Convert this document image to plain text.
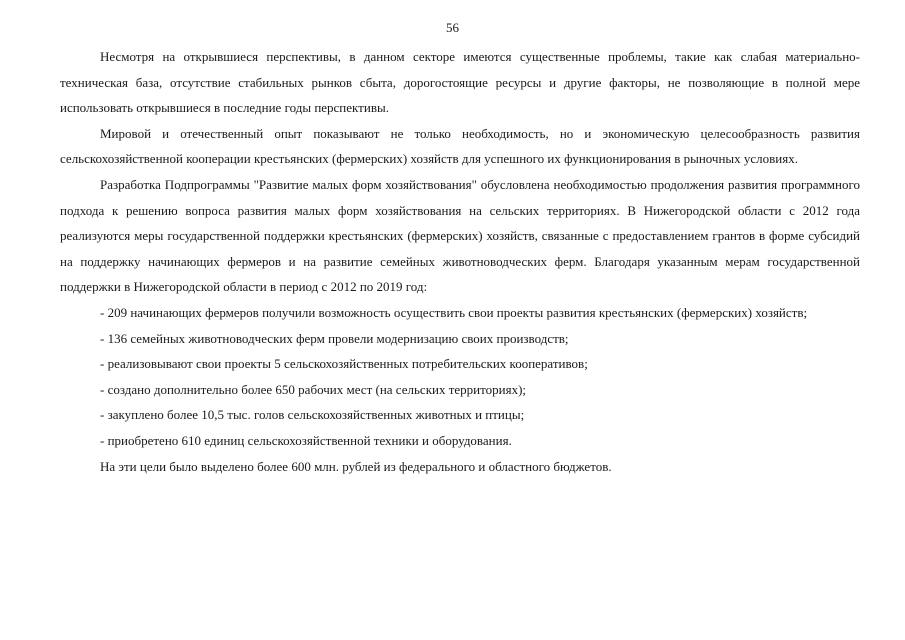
56

Несмотря на открывшиеся перспективы, в данном секторе имеются существенные проблемы, такие как слабая материально-техническая база, отсутствие стабильных рынков сбыта, дорогостоящие ресурсы и другие факторы, не позволяющие в полной мере использовать открывшиеся в последние годы перспективы.

Мировой и отечественный опыт показывают не только необходимость, но и экономическую целесообразность развития сельскохозяйственной кооперации крестьянских (фермерских) хозяйств для успешного их функционирования в рыночных условиях.

Разработка Подпрограммы "Развитие малых форм хозяйствования" обусловлена необходимостью продолжения развития программного подхода к решению вопроса развития малых форм хозяйствования на сельских территориях. В Нижегородской области с 2012 года реализуются меры государственной поддержки крестьянских (фермерских) хозяйств, связанные с предоставлением грантов в форме субсидий на поддержку начинающих фермеров и на развитие семейных животноводческих ферм. Благодаря указанным мерам государственной поддержки в Нижегородской области в период с 2012 по 2019 год:

- 209 начинающих фермеров получили возможность осуществить свои проекты развития крестьянских (фермерских) хозяйств;

- 136 семейных животноводческих ферм провели модернизацию своих производств;

- реализовывают свои проекты 5 сельскохозяйственных потребительских кооперативов;

- создано дополнительно более 650 рабочих мест (на сельских территориях);

- закуплено более 10,5 тыс. голов сельскохозяйственных животных и птицы;

- приобретено 610 единиц сельскохозяйственной техники и оборудования.

На эти цели было выделено более 600 млн. рублей из федерального и областного бюджетов.
